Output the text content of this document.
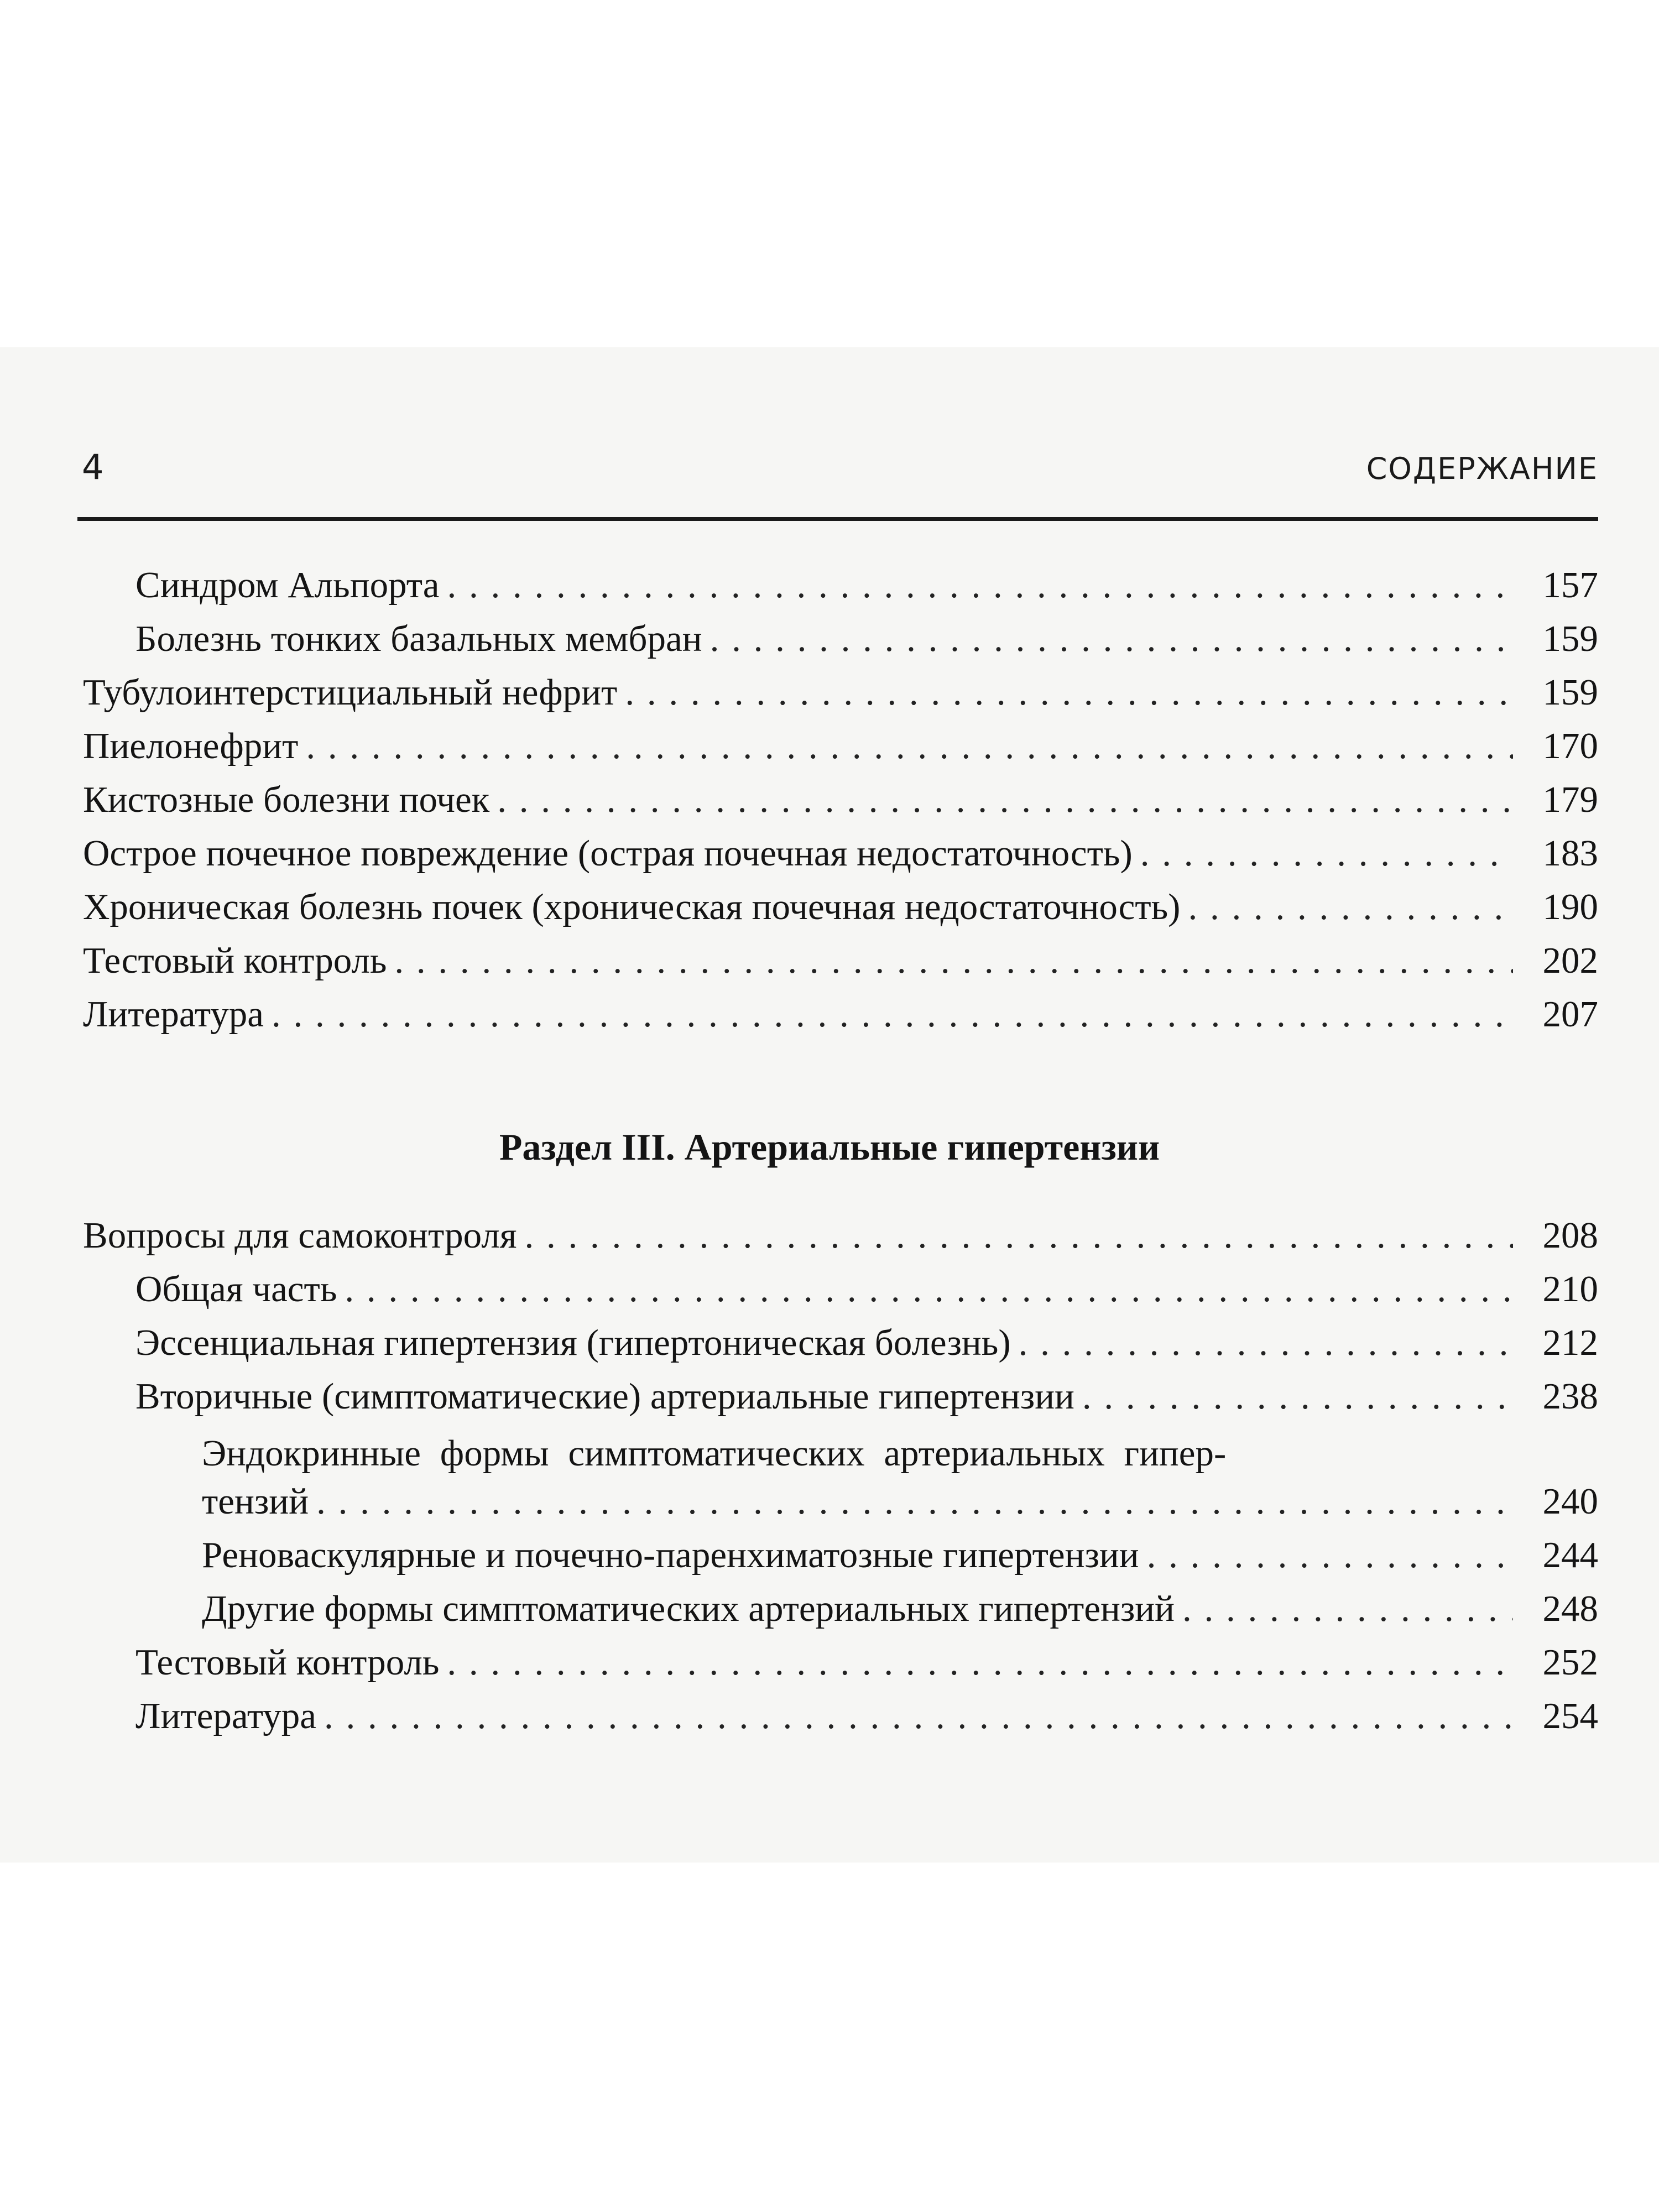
4	СОДЕРЖАНИЕ
Синдром Альпорта . . .	157
Болезнь тонких базальных мембран . . .	159
Тубулоинтерстициальный нефрит . . .	159
Пиелонефрит . . .	170
Кистозные болезни почек . . .	179
Острое почечное повреждение (острая почечная недостаточность) . . .	183
Хроническая болезнь почек (хроническая почечная недостаточность) . . .	190
Тестовый контроль . . .	202
Литература . . .	207
Раздел III. Артериальные гипертензии
Вопросы для самоконтроля . . .	208
Общая часть . . .	210
Эссенциальная гипертензия (гипертоническая болезнь) . . .	212
Вторичные (симптоматические) артериальные гипертензии . . .	238
Эндокринные формы симптоматических артериальных гипер-
тензий . . .	240
Реноваскулярные и почечно-паренхиматозные гипертензии . . .	244
Другие формы симптоматических артериальных гипертензий . . .	248
Тестовый контроль . . .	252
Литература . . .	254
